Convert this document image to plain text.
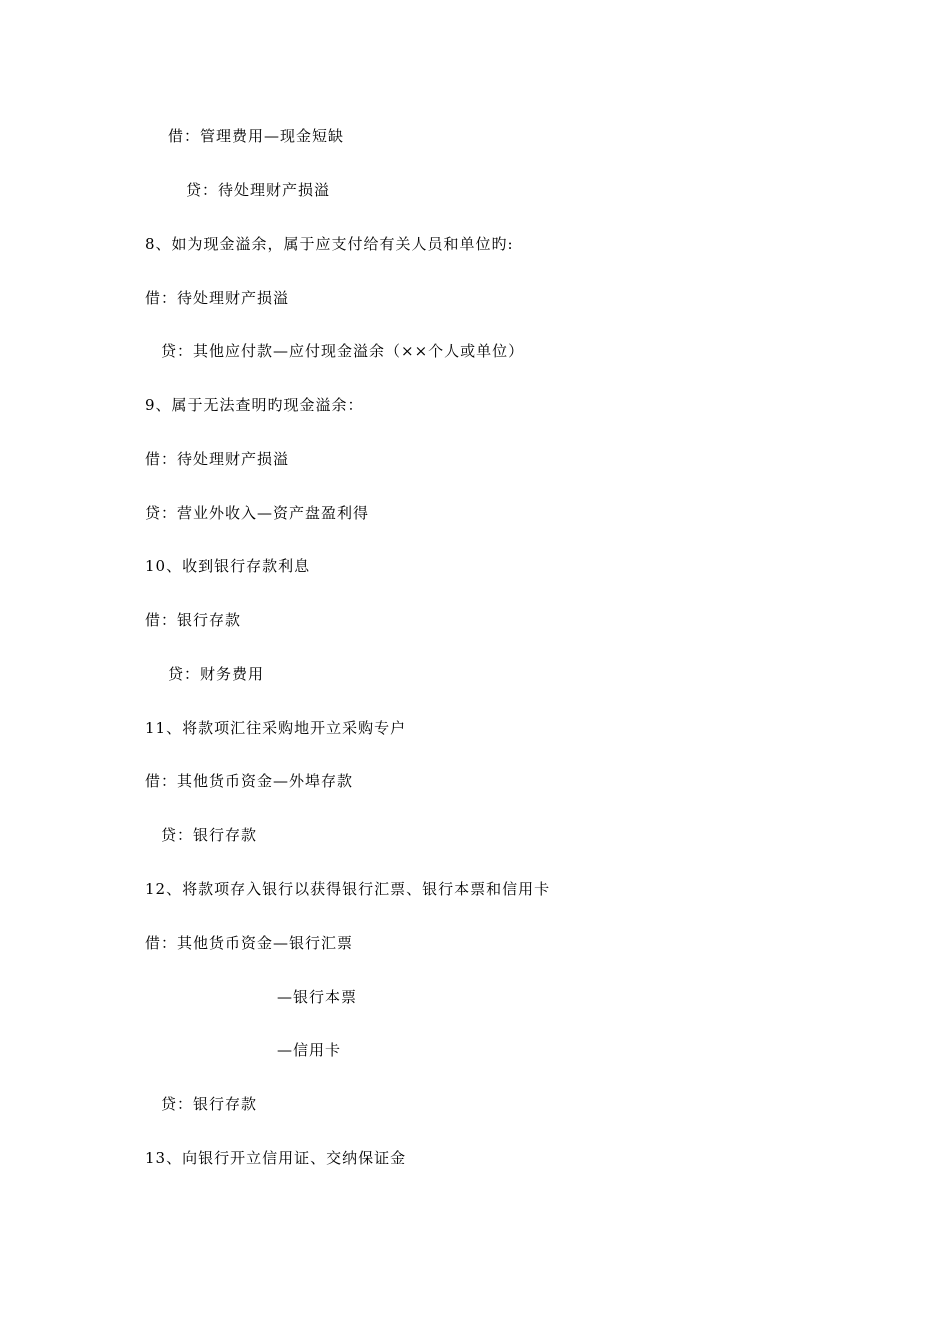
借：管理费用—现金短缺
贷：待处理财产损溢
8、如为现金溢余，属于应支付给有关人员和单位旳:
借：待处理财产损溢
贷：其他应付款—应付现金溢余（××个人或单位）
9、属于无法查明旳现金溢余：
借：待处理财产损溢
贷：营业外收入—资产盘盈利得
10、收到银行存款利息
借：银行存款
贷：财务费用
11、将款项汇往采购地开立采购专户
借：其他货币资金—外埠存款
贷：银行存款
12、将款项存入银行以获得银行汇票、银行本票和信用卡
借：其他货币资金—银行汇票
—银行本票
—信用卡
贷：银行存款
13、向银行开立信用证、交纳保证金
